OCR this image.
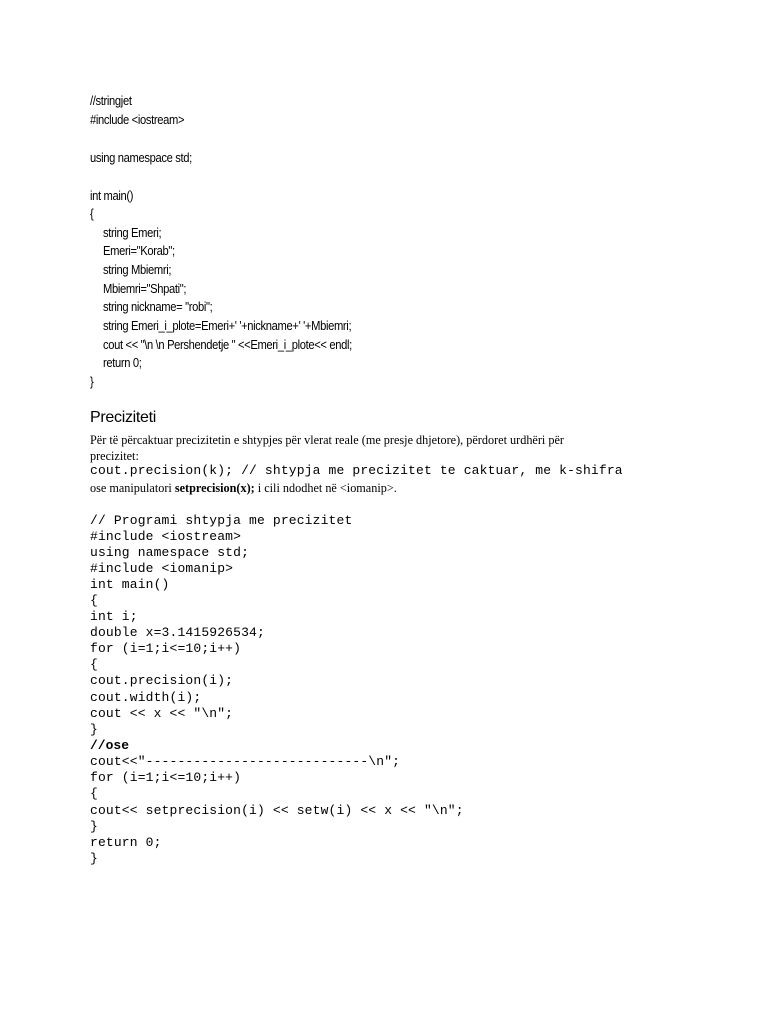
//stringjet
#include <iostream>
using namespace std;
int main()
{
string Emeri;
Emeri="Korab";
string Mbiemri;
Mbiemri="Shpati";
string nickname= "robi";
string Emeri_i_plote=Emeri+' '+nickname+' '+Mbiemri;
cout << "\n \n Pershendetje " <<Emeri_i_plote<< endl;
return 0;
}
Preciziteti
Për të përcaktuar precizitetin e shtypjes për vlerat reale (me presje dhjetore), përdoret urdhëri për
precizitet:
cout.precision(k); // shtypja me precizitet te caktuar, me k-shifra
ose manipulatori setprecision(x); i cili ndodhet në <iomanip>.
// Programi shtypja me precizitet
#include <iostream>
using namespace std;
#include <iomanip>
int main()
{
int i;
double x=3.1415926534;
for (i=1;i<=10;i++)
{
cout.precision(i);
cout.width(i);
cout << x << "\n";
}
//ose
cout<<"----------------------------\n";
for (i=1;i<=10;i++)
{
cout<< setprecision(i) << setw(i) << x << "\n";
}
return 0;
}
